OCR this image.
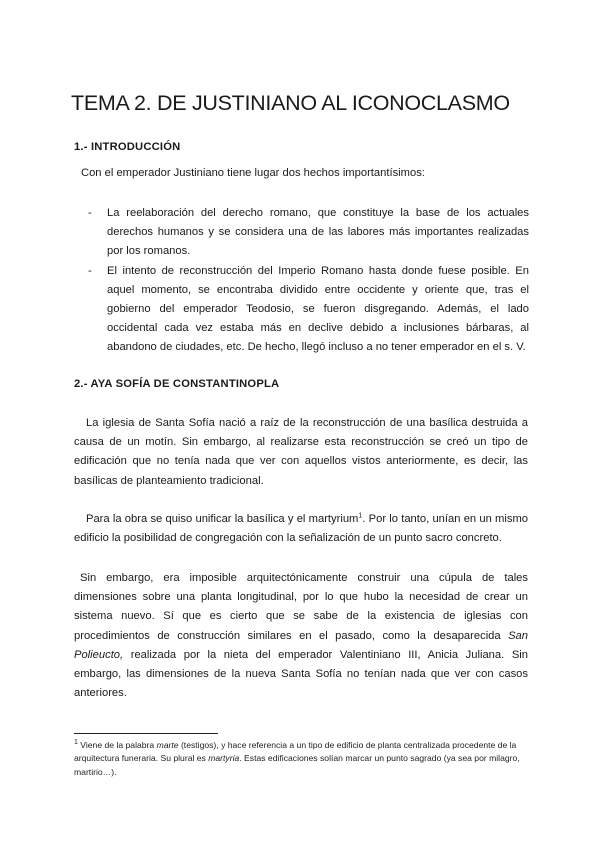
TEMA 2. DE JUSTINIANO AL ICONOCLASMO
1.- INTRODUCCIÓN

Con el emperador Justiniano tiene lugar dos hechos importantísimos:

- La reelaboración del derecho romano, que constituye la base de los actuales derechos humanos y se considera una de las labores más importantes realizadas por los romanos.
- El intento de reconstrucción del Imperio Romano hasta donde fuese posible. En aquel momento, se encontraba dividido entre occidente y oriente que, tras el gobierno del emperador Teodosio, se fueron disgregando. Además, el lado occidental cada vez estaba más en declive debido a inclusiones bárbaras, al abandono de ciudades, etc. De hecho, llegó incluso a no tener emperador en el s. V.
2.- AYA SOFÍA DE CONSTANTINOPLA

La iglesia de Santa Sofía nació a raíz de la reconstrucción de una basílica destruida a causa de un motín. Sin embargo, al realizarse esta reconstrucción se creó un tipo de edificación que no tenía nada que ver con aquellos vistos anteriormente, es decir, las basílicas de planteamiento tradicional.

Para la obra se quiso unificar la basílica y el martyrium$^1$. Por lo tanto, unían en un mismo edificio la posibilidad de congregación con la señalización de un punto sacro concreto.

Sin embargo, era imposible arquitectónicamente construir una cúpula de tales dimensiones sobre una planta longitudinal, por lo que hubo la necesidad de crear un sistema nuevo. Sí que es cierto que se sabe de la existencia de iglesias con procedimientos de construcción similares en el pasado, como la desaparecida San Polieucto, realizada por la nieta del emperador Valentiniano III, Anicia Juliana. Sin embargo, las dimensiones de la nueva Santa Sofía no tenían nada que ver con casos anteriores.

$^1$ Viene de la palabra marte (testigos), y hace referencia a un tipo de edificio de planta centralizada procedente de la arquitectura funeraria. Su plural es martyria. Estas edificaciones solían marcar un punto sagrado (ya sea por milagro, martirio…).
